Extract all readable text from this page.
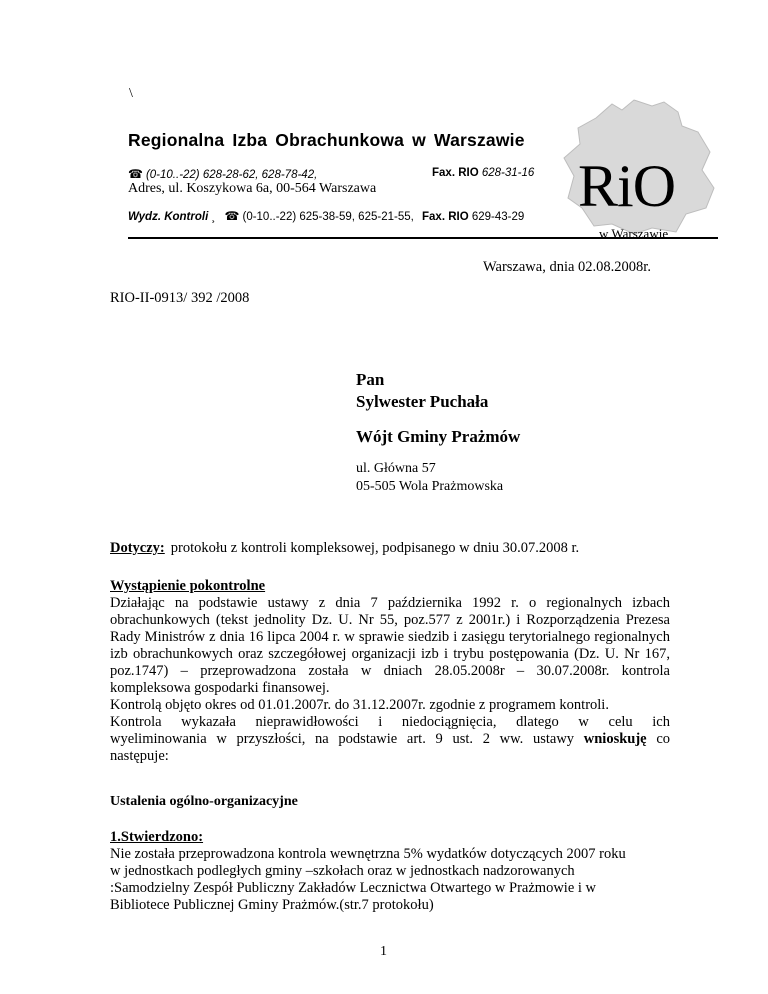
\
Regionalna Izba Obrachunkowa w Warszawie
☎ (0-10..-22) 628-28-62, 628-78-42,	Fax. RIO 628-31-16
Adres, ul. Koszykowa 6a, 00-564 Warszawa
Wydz. Kontroli ¸ ☎ (0-10..-22) 625-38-59, 625-21-55, Fax. RIO 629-43-29 RiO
w Warszawie
Warszawa, dnia 02.08.2008r.
RIO-II-0913/ 392 /2008
Pan
Sylwester Puchała
Wójt Gminy Prażmów
ul. Główna 57
05-505 Wola Prażmowska
Dotyczy: protokołu z kontroli kompleksowej, podpisanego w dniu 30.07.2008 r.
Wystąpienie pokontrolne
Działając na podstawie ustawy z dnia 7 października 1992 r. o regionalnych izbach obrachunkowych (tekst jednolity Dz. U. Nr 55, poz.577 z 2001r.) i Rozporządzenia Prezesa Rady Ministrów z dnia 16 lipca 2004 r. w sprawie siedzib i zasięgu terytorialnego regionalnych izb obrachunkowych oraz szczegółowej organizacji izb i trybu postępowania (Dz. U. Nr 167, poz.1747) – przeprowadzona została w dniach 28.05.2008r – 30.07.2008r. kontrola kompleksowa gospodarki finansowej.
Kontrolą objęto okres od 01.01.2007r. do 31.12.2007r. zgodnie z programem kontroli.
Kontrola wykazała nieprawidłowości i niedociągnięcia, dlatego w celu ich
wyeliminowania w przyszłości, na podstawie art. 9 ust. 2 ww. ustawy wnioskuję co
następuje:
Ustalenia ogólno-organizacyjne
1.Stwierdzono:
Nie została przeprowadzona kontrola wewnętrzna 5% wydatków dotyczących 2007 roku
w jednostkach podległych gminy –szkołach oraz w jednostkach nadzorowanych
:Samodzielny Zespół Publiczny Zakładów Lecznictwa Otwartego w Prażmowie i w
Bibliotece Publicznej Gminy Prażmów.(str.7 protokołu)
1
